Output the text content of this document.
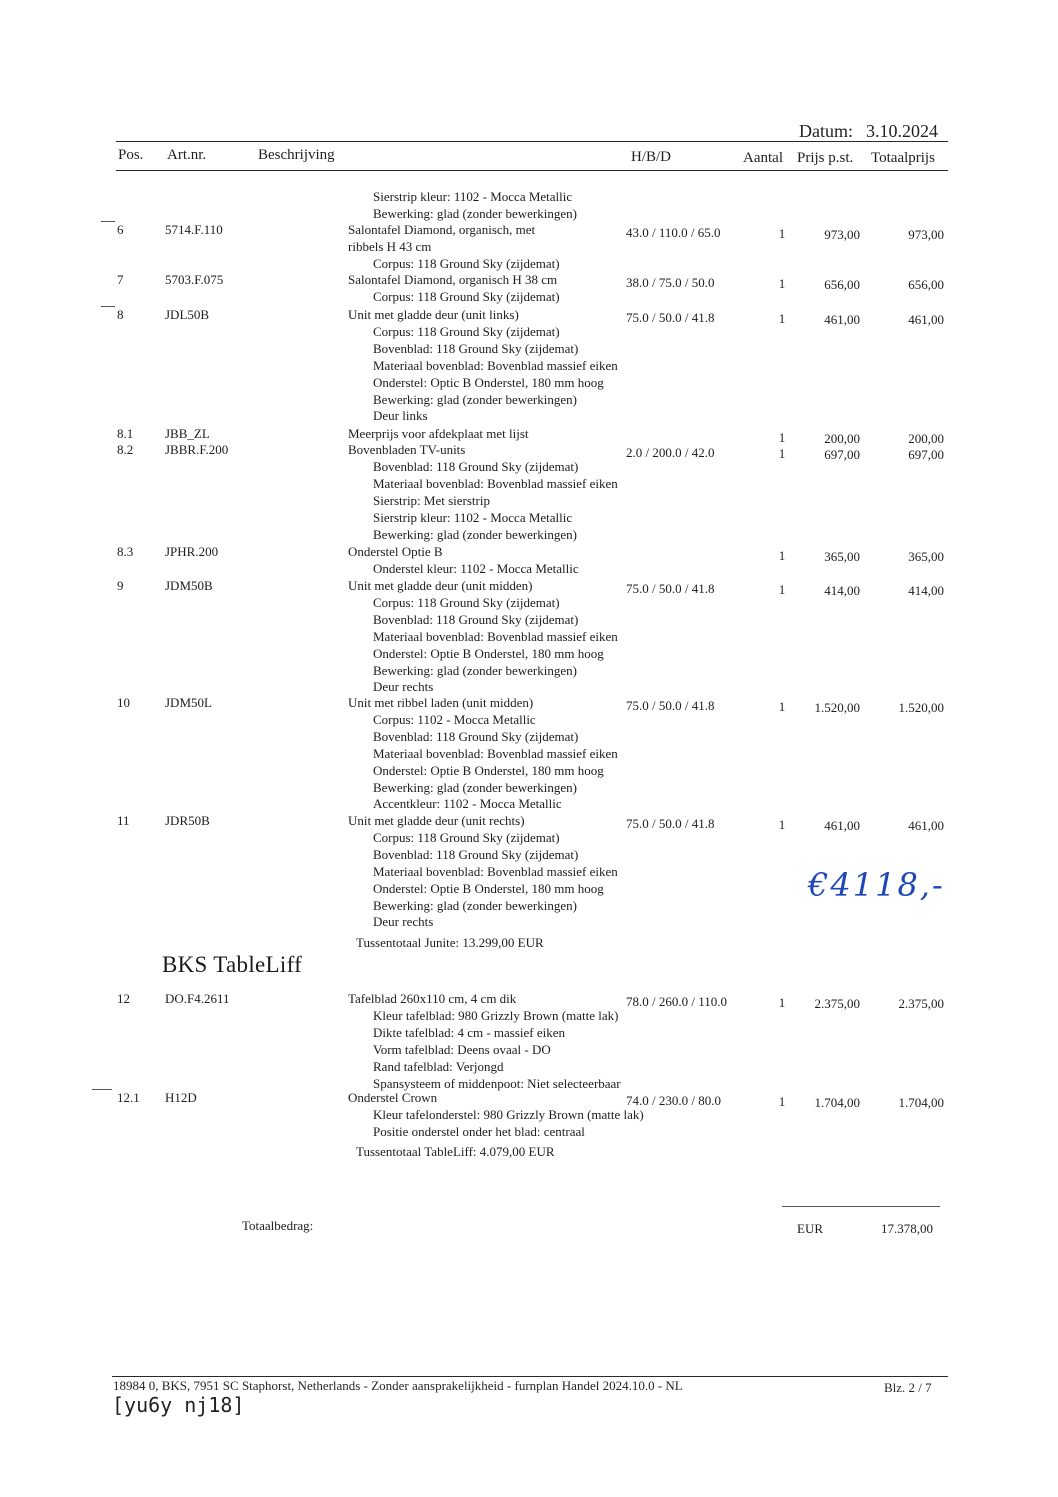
Datum: 3.10.2024
Pos. Art.nr.	Beschrijving	H/B/D	Aantal Prijs p.st. Totaalprijs
Sierstrip kleur: 1102 - Mocca Metallic
Bewerking: glad (zonder bewerkingen)
6	5714.F.110	43.0 / 110.0 / 65.0	1	973,00	973,00
Salontafel Diamond, organisch, met
ribbels H 43 cm
Corpus: 118 Ground Sky (zijdemat)
7	5703.F.075	38.0 / 75.0 / 50.0	1	656,00	656,00
Salontafel Diamond, organisch H 38 cm
Corpus: 118 Ground Sky (zijdemat)
8	JDL50B	75.0 / 50.0 / 41.8	1	461,00	461,00
Unit met gladde deur (unit links)
Corpus: 118 Ground Sky (zijdemat)
Bovenblad: 118 Ground Sky (zijdemat)
Materiaal bovenblad: Bovenblad massief eiken
Onderstel: Optic B Onderstel, 180 mm hoog
Bewerking: glad (zonder bewerkingen)
Deur links
8.1 JBB_ZL	1	200,00	200,00
Meerprijs voor afdekplaat met lijst
8.2 JBBR.F.200	2.0 / 200.0 / 42.0	1	697,00	697,00
Bovenbladen TV-units
Bovenblad: 118 Ground Sky (zijdemat)
Materiaal bovenblad: Bovenblad massief eiken
Sierstrip: Met sierstrip
Sierstrip kleur: 1102 - Mocca Metallic
Bewerking: glad (zonder bewerkingen)
8.3 JPHR.200	1	365,00	365,00
Onderstel Optie B
Onderstel kleur: 1102 - Mocca Metallic
9	JDM50B	75.0 / 50.0 / 41.8	1	414,00	414,00
Unit met gladde deur (unit midden)
Corpus: 118 Ground Sky (zijdemat)
Bovenblad: 118 Ground Sky (zijdemat)
Materiaal bovenblad: Bovenblad massief eiken
Onderstel: Optie B Onderstel, 180 mm hoog
Bewerking: glad (zonder bewerkingen)
Deur rechts
10	JDM50L	75.0 / 50.0 / 41.8	1 1.520,00	1.520,00
Unit met ribbel laden (unit midden)
Corpus: 1102 - Mocca Metallic
Bovenblad: 118 Ground Sky (zijdemat)
Materiaal bovenblad: Bovenblad massief eiken
Onderstel: Optie B Onderstel, 180 mm hoog
Bewerking: glad (zonder bewerkingen)
Accentkleur: 1102 - Mocca Metallic
11	JDR50B	75.0 / 50.0 / 41.8	1	461,00	461,00
Unit met gladde deur (unit rechts)
Corpus: 118 Ground Sky (zijdemat)
Bovenblad: 118 Ground Sky (zijdemat)
Materiaal bovenblad: Bovenblad massief eiken
Onderstel: Optie B Onderstel, 180 mm hoog
Bewerking: glad (zonder bewerkingen)
Deur rechts
12	DO.F4.2611	78.0 / 260.0 / 110.0	1 2.375,00	2.375,00
Tafelblad 260x110 cm, 4 cm dik
Kleur tafelblad: 980 Grizzly Brown (matte lak)
Dikte tafelblad: 4 cm - massief eiken
Vorm tafelblad: Deens ovaal - DO
Rand tafelblad: Verjongd
Spansysteem of middenpoot: Niet selecteerbaar
12.1 H12D	74.0 / 230.0 / 80.0	1 1.704,00	1.704,00
Onderstel Crown
Kleur tafelonderstel: 980 Grizzly Brown (matte lak)
Positie onderstel onder het blad: centraal
Tussentotaal Junite: 13.299,00 EUR
€4118,-
BKS TableLiff
Tussentotaal TableLiff: 4.079,00 EUR
Totaalbedrag:	EUR	17.378,00
18984 0, BKS, 7951 SC Staphorst, Netherlands - Zonder aansprakelijkheid - furnplan Handel 2024.10.0 - NL	Blz. 2 / 7
[yu6y nj18]
